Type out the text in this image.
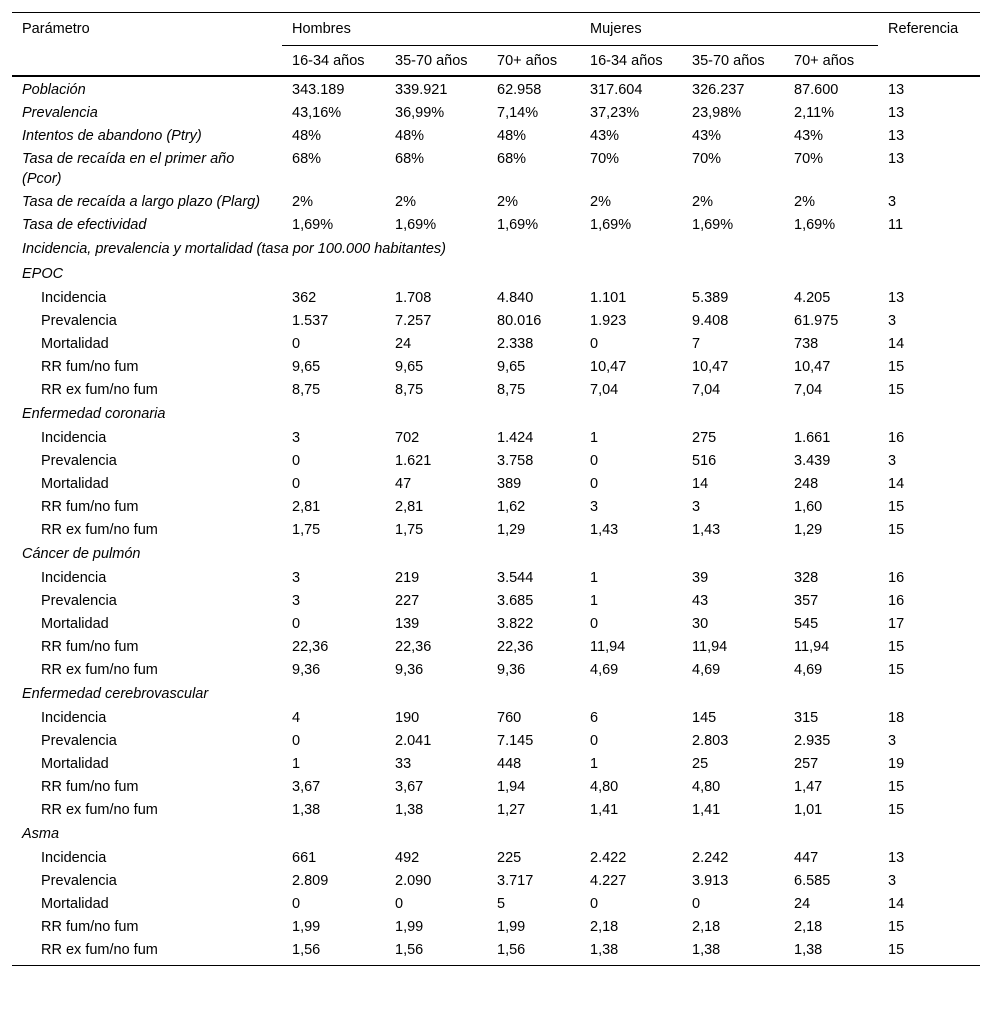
Parámetro	Hombres			Mujeres			Referencia
	16-34 años	35-70 años	70+ años	16-34 años	35-70 años	70+ años	
Población	343.189	339.921	62.958	317.604	326.237	87.600	13
Prevalencia	43,16%	36,99%	7,14%	37,23%	23,98%	2,11%	13
Intentos de abandono (Ptry)	48%	48%	48%	43%	43%	43%	13
Tasa de recaída en el primer año (Pcor)	68%	68%	68%	70%	70%	70%	13
Tasa de recaída a largo plazo (Plarg)	2%	2%	2%	2%	2%	2%	3
Tasa de efectividad	1,69%	1,69%	1,69%	1,69%	1,69%	1,69%	11
Incidencia, prevalencia y mortalidad (tasa por 100.000 habitantes)							
EPOC							
Incidencia	362	1.708	4.840	1.101	5.389	4.205	13
Prevalencia	1.537	7.257	80.016	1.923	9.408	61.975	3
Mortalidad	0	24	2.338	0	7	738	14
RR fum/no fum	9,65	9,65	9,65	10,47	10,47	10,47	15
RR ex fum/no fum	8,75	8,75	8,75	7,04	7,04	7,04	15
Enfermedad coronaria							
Incidencia	3	702	1.424	1	275	1.661	16
Prevalencia	0	1.621	3.758	0	516	3.439	3
Mortalidad	0	47	389	0	14	248	14
RR fum/no fum	2,81	2,81	1,62	3	3	1,60	15
RR ex fum/no fum	1,75	1,75	1,29	1,43	1,43	1,29	15
Cáncer de pulmón							
Incidencia	3	219	3.544	1	39	328	16
Prevalencia	3	227	3.685	1	43	357	16
Mortalidad	0	139	3.822	0	30	545	17
RR fum/no fum	22,36	22,36	22,36	11,94	11,94	11,94	15
RR ex fum/no fum	9,36	9,36	9,36	4,69	4,69	4,69	15
Enfermedad cerebrovascular							
Incidencia	4	190	760	6	145	315	18
Prevalencia	0	2.041	7.145	0	2.803	2.935	3
Mortalidad	1	33	448	1	25	257	19
RR fum/no fum	3,67	3,67	1,94	4,80	4,80	1,47	15
RR ex fum/no fum	1,38	1,38	1,27	1,41	1,41	1,01	15
Asma							
Incidencia	661	492	225	2.422	2.242	447	13
Prevalencia	2.809	2.090	3.717	4.227	3.913	6.585	3
Mortalidad	0	0	5	0	0	24	14
RR fum/no fum	1,99	1,99	1,99	2,18	2,18	2,18	15
RR ex fum/no fum	1,56	1,56	1,56	1,38	1,38	1,38	15
